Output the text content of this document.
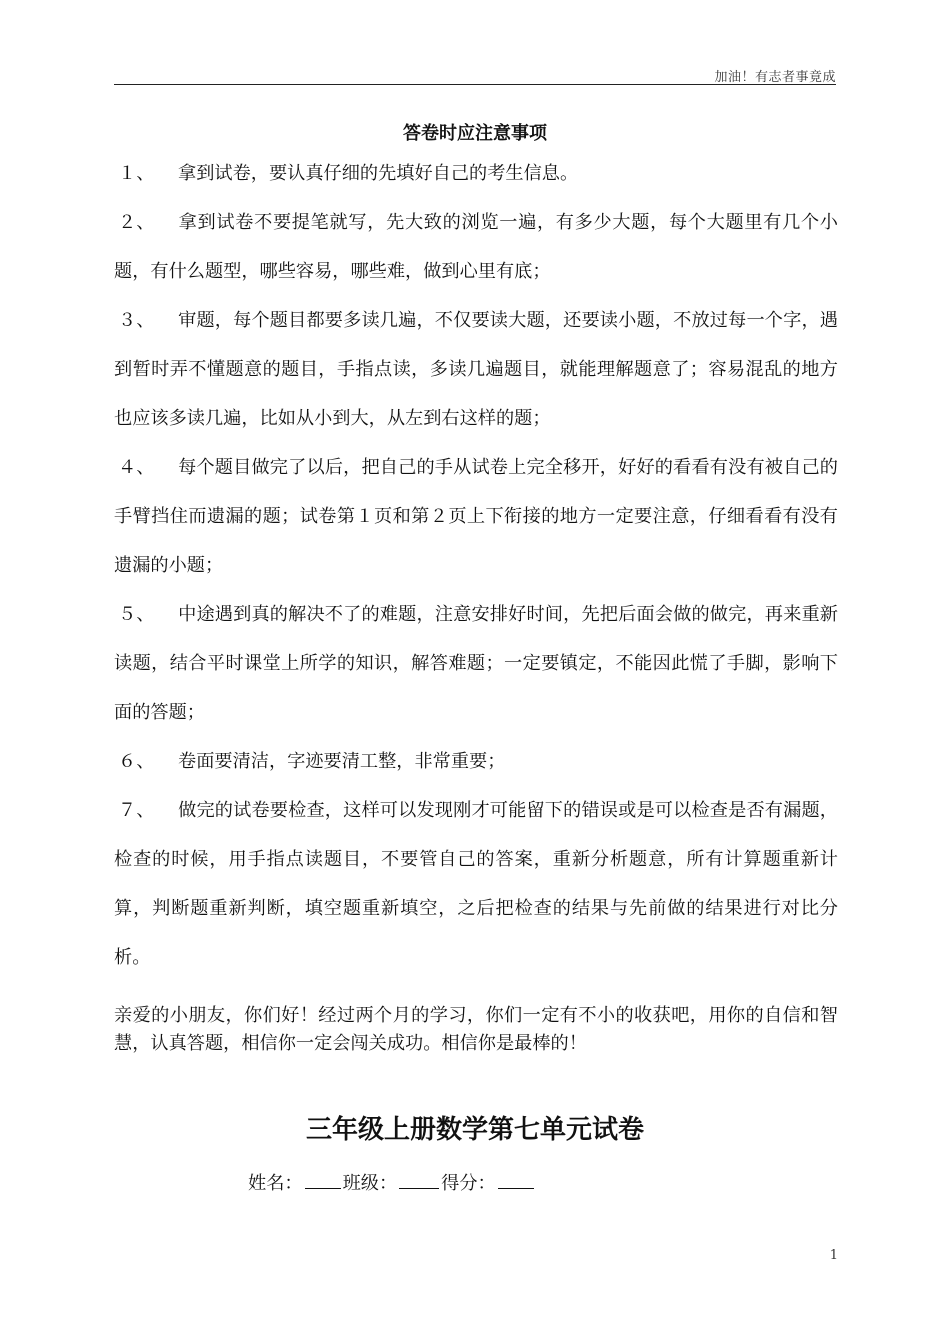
加油！有志者事竟成
答卷时应注意事项

１、  拿到试卷，要认真仔细的先填好自己的考生信息。

２、  拿到试卷不要提笔就写，先大致的浏览一遍，有多少大题，每个大题里有几个小题，有什么题型，哪些容易，哪些难，做到心里有底；

３、  审题，每个题目都要多读几遍，不仅要读大题，还要读小题，不放过每一个字，遇到暂时弄不懂题意的题目，手指点读，多读几遍题目，就能理解题意了；容易混乱的地方也应该多读几遍，比如从小到大，从左到右这样的题；

４、  每个题目做完了以后，把自己的手从试卷上完全移开，好好的看看有没有被自己的手臂挡住而遗漏的题；试卷第１页和第２页上下衔接的地方一定要注意，仔细看看有没有遗漏的小题；

５、  中途遇到真的解决不了的难题，注意安排好时间，先把后面会做的做完，再来重新读题，结合平时课堂上所学的知识，解答难题；一定要镇定，不能因此慌了手脚，影响下面的答题；

６、  卷面要清洁，字迹要清工整，非常重要；

７、  做完的试卷要检查，这样可以发现刚才可能留下的错误或是可以检查是否有漏题，检查的时候，用手指点读题目，不要管自己的答案，重新分析题意，所有计算题重新计算，判断题重新判断，填空题重新填空，之后把检查的结果与先前做的结果进行对比分析。

亲爱的小朋友，你们好！经过两个月的学习，你们一定有不小的收获吧，用你的自信和智慧，认真答题，相信你一定会闯关成功。相信你是最棒的！
三年级上册数学第七单元试卷
姓名： 班级： 得分：
1
